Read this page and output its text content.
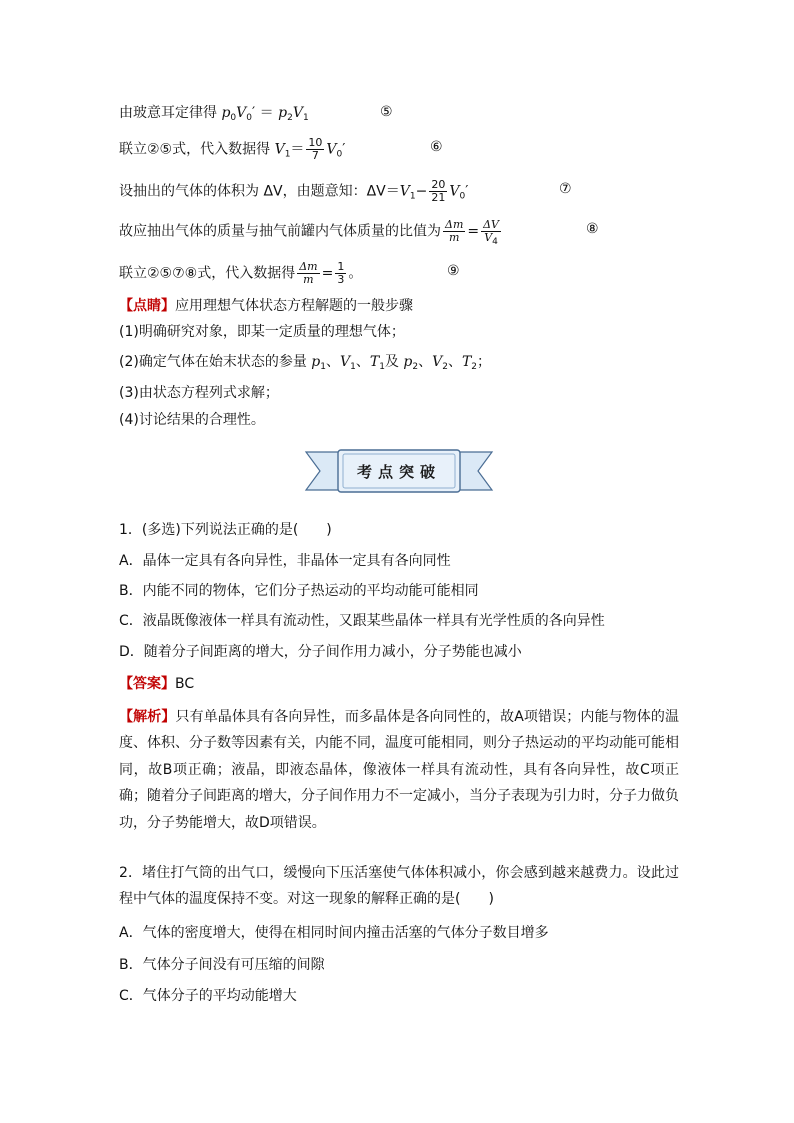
由玻意耳定律得 $p_0V_0' = p_2V_1$	⑤
联立②⑤式，代入数据得 $V_1= \frac{10}{7} V_0'$	⑥
设抽出的气体的体积为 ΔV，由题意知：$\Delta V=V_1- \frac{20}{21} V_0'$	⑦
故应抽出气体的质量与抽气前罐内气体质量的比值为 $\frac{\Delta m}{m} = \frac{\Delta V}{V_4}$	⑧
联立②⑤⑦⑧式，代入数据得 $\frac{\Delta m}{m} = \frac{1}{3}$ 。	⑨
【点睛】应用理想气体状态方程解题的一般步骤
(1)明确研究对象，即某一定质量的理想气体；
(2)确定气体在始末状态的参量 $p_1$、$V_1$、$T_1$及 $p_2$、$V_2$、$T_2$；
(3)由状态方程列式求解；
(4)讨论结果的合理性。
考点突破
1．(多选)下列说法正确的是(　　)
A．晶体一定具有各向异性，非晶体一定具有各向同性
B．内能不同的物体，它们分子热运动的平均动能可能相同
C．液晶既像液体一样具有流动性，又跟某些晶体一样具有光学性质的各向异性
D．随着分子间距离的增大，分子间作用力减小，分子势能也减小
【答案】BC
【解析】只有单晶体具有各向异性，而多晶体是各向同性的，故A项错误；内能与物体的温度、体积、分子数等因素有关，内能不同，温度可能相同，则分子热运动的平均动能可能相同，故B项正确；液晶，即液态晶体，像液体一样具有流动性，具有各向异性，故C项正确；随着分子间距离的增大，分子间作用力不一定减小，当分子表现为引力时，分子力做负功，分子势能增大，故D项错误。
2．堵住打气筒的出气口，缓慢向下压活塞使气体体积减小，你会感到越来越费力。设此过程中气体的温度保持不变。对这一现象的解释正确的是(　　)
A．气体的密度增大，使得在相同时间内撞击活塞的气体分子数目增多
B．气体分子间没有可压缩的间隙
C．气体分子的平均动能增大
